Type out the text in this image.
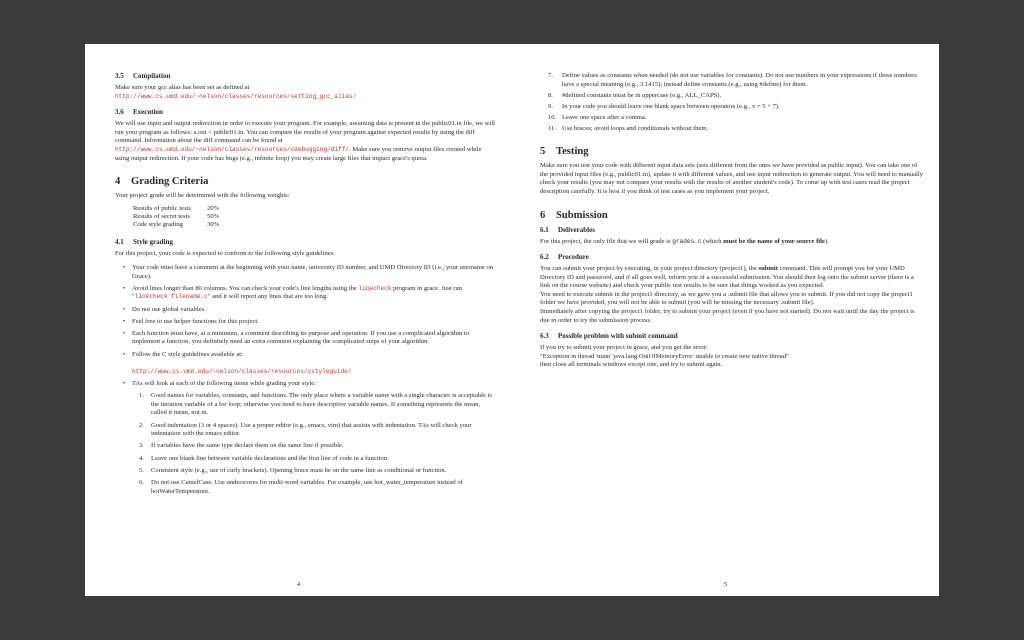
3.5 Compilation

Make sure your gcc alias has been set as defined at

http://www.cs.umd.edu/~nelson/classes/resources/setting_gcc_alias/

3.6 Execution

We will use input and output redirection in order to execute your program. For example, assuming data is present in the public01.in file, we will run your program as follows: a.out < public01.in. You can compare the results of your program against expected results by using the diff command. Information about the diff command can be found at http://www.cs.umd.edu/~nelson/classes/resources/cdebugging/diff/. Make sure you remove output files created while using output redirection. If your code has bugs (e.g., infinite loop) you may create large files that impact grace's quota.

4 Grading Criteria

Your project grade will be determined with the following weights:

Results of public tests	20%
Results of secret tests	50%
Code style grading	30%
4.1 Style grading

For this project, your code is expected to conform to the following style guidelines:

• Your code must have a comment at the beginning with your name, university ID number, and UMD Directory ID (i.e., your username on Grace).
• Avoid lines longer than 80 columns. You can check your code's line lengths using the linecheck program in grace. Just run "linecheck filename.c" and it will report any lines that are too long.
• Do not use global variables.
• Feel free to use helper functions for this project.
• Each function must have, at a minimum, a comment describing its purpose and operation. If you use a complicated algorithm to implement a function, you definitely need an extra comment explaining the complicated steps of your algorithm.
• Follow the C style guidelines available at:

http://www.cs.umd.edu/~nelson/classes/resources/cstyleguide/
• TAs will look at each of the following items while grading your style:
1. Good names for variables, constants, and functions. The only place where a variable name with a single character is acceptable is the iteration variable of a for loop; otherwise you need to have descriptive variable names. If something represents the mean, called it mean, not m.
2. Good indentation (3 or 4 spaces). Use a proper editor (e.g., emacs, vim) that assists with indentation. TAs will check your indentation with the emacs editor.
3. If variables have the same type declare them on the same line if possible.
4. Leave one blank line between variable declarations and the first line of code in a function.
5. Consistent style (e.g., use of curly brackets). Opening brace must be on the same line as conditional or function.
6. Do not use CamelCase. Use underscores for multi-word variables. For example, use hot_water_temperature instead of hotWaterTemperature.
4
7. Define values as constants when needed (do not use variables for constants). Do not use numbers in your expressions if those numbers have a special meaning (e.g., 3.1415); instead define constants (e.g., using #define) for them.
8. #defined constants must be in uppercase (e.g., ALL_CAPS).
9. In your code you should leave one blank space between operators (e.g., x = 5 + 7).
10. Leave one space after a comma.
11. Use braces; avoid loops and conditionals without them.
5 Testing

Make sure you test your code with different input data sets (sets different from the ones we have provided as public input). You can take one of the provided input files (e.g., public01.in), update it with different values, and use input redirection to generate output. You will need to manually check your results (you may not compare your results with the results of another student's code). To come up with test cases read the project description carefully. It is best if you think of test cases as you implement your project.

6 Submission
6.1 Deliverables

For this project, the only file that we will grade is grades.c (which must be the name of your source file).

6.2 Procedure

You can submit your project by executing, in your project directory (project1), the submit command. This will prompt you for your UMD Directory ID and password, and if all goes well, inform you of a successful submission. You should then log onto the submit server (there is a link on the course website) and check your public test results to be sure that things worked as you expected.

You need to execute submit in the project1 directory, as we gave you a .submit file that allows you to submit. If you did not copy the project1 folder we have provided, you will not be able to submit (you will be missing the necessary .submit file).

Immediately after copying the project1 folder, try to submit your project (even if you have not started). Do not wait until the day the project is due in order to try the submission process.

6.3 Possible problem with submit command

If you try to submit your project in grace, and you get the error:

"Exception in thread 'main' java.lang.OutOfMemoryError: unable to create new native thread"

then close all terminals windows except one, and try to submit again.

5
